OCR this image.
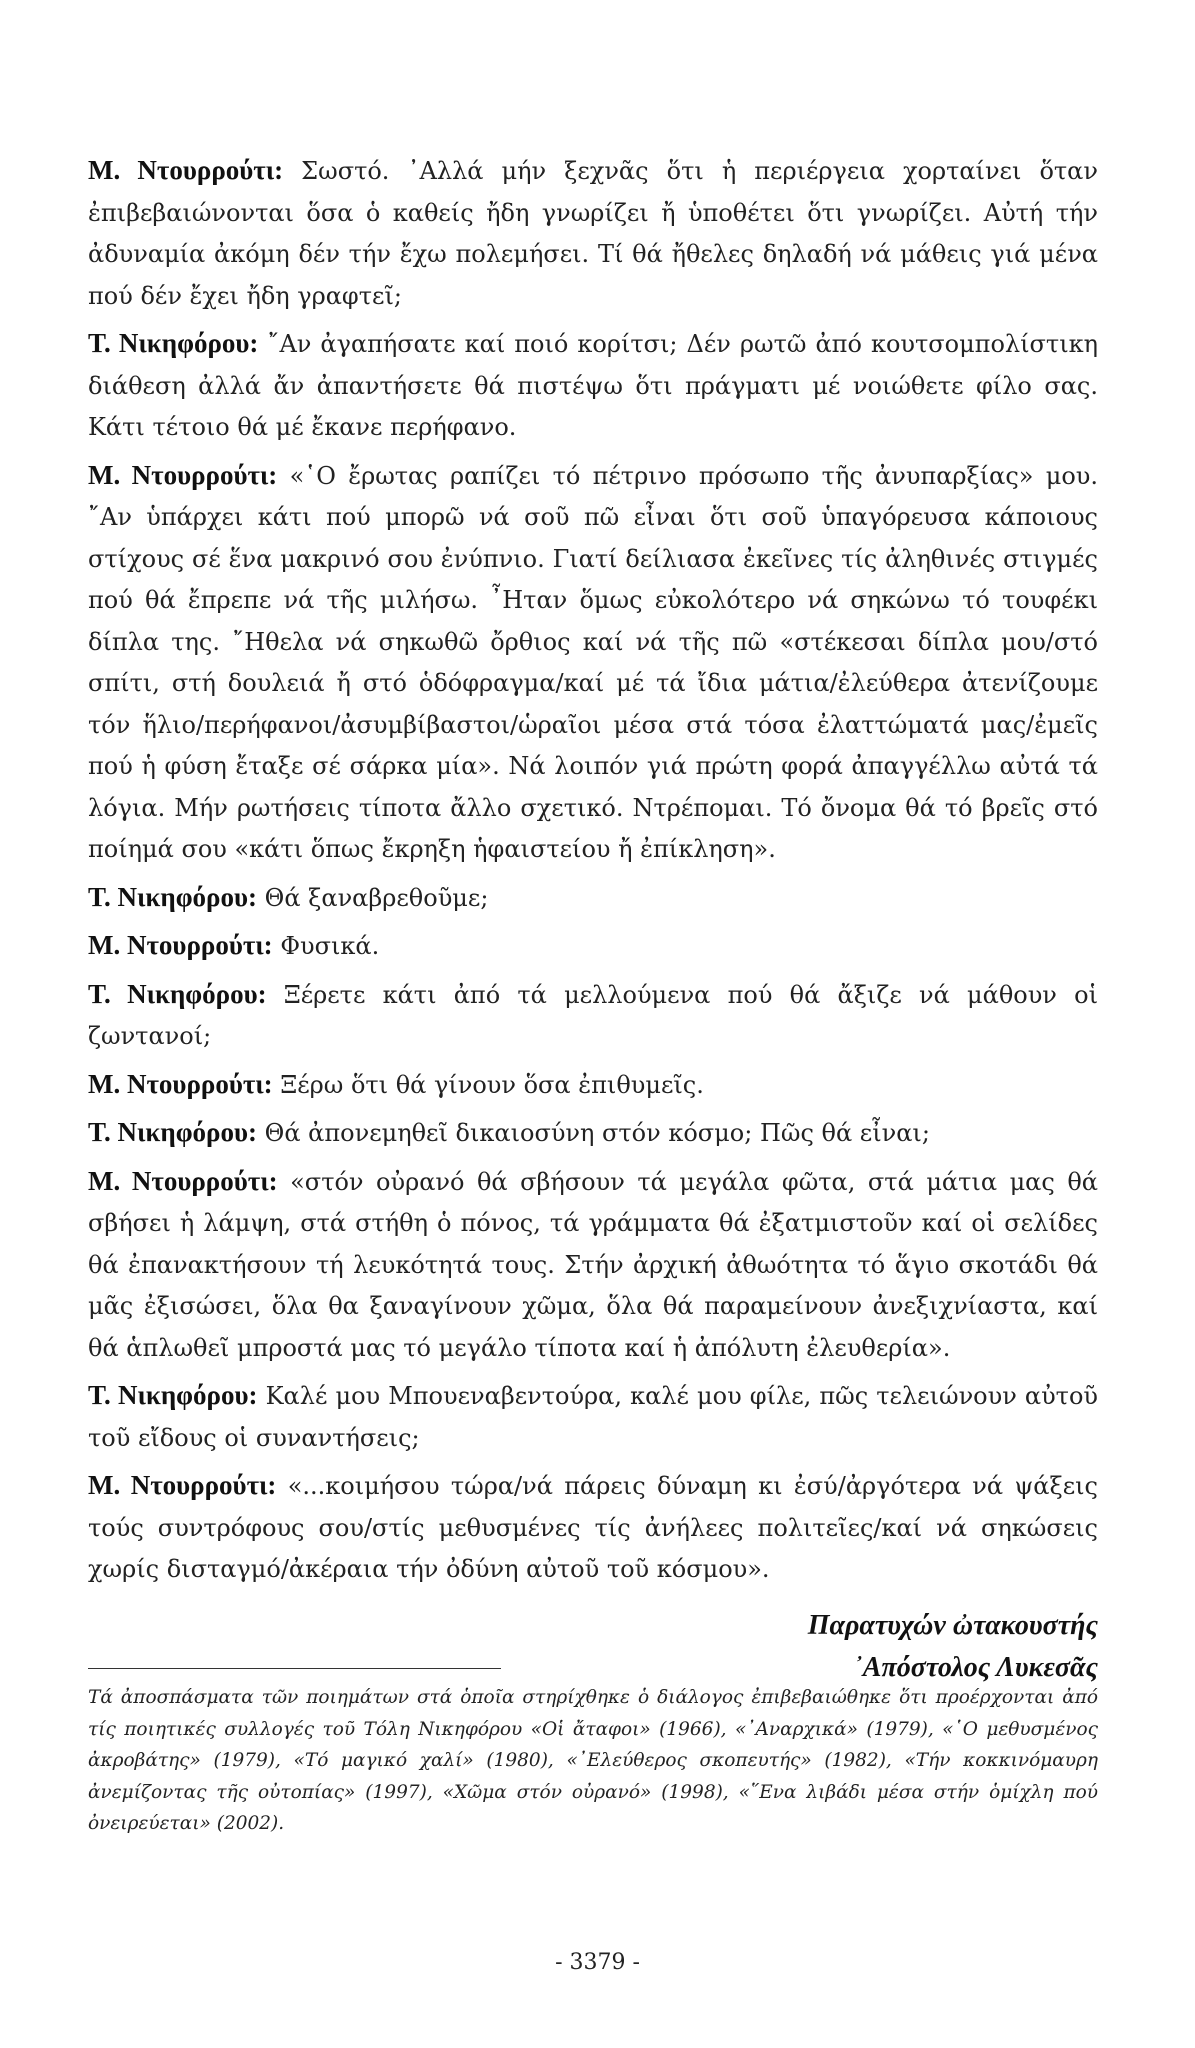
Μ. Ντουρρούτι: Σωστό. ᾿Αλλά μήν ξεχνᾶς ὅτι ἡ περιέργεια χορταίνει ὅταν ἐπιβεβαιώνονται ὅσα ὁ καθείς ἤδη γνωρίζει ἤ ὑποθέτει ὅτι γνωρίζει. Αὐτή τήν ἀδυναμία ἀκόμη δέν τήν ἔχω πολεμήσει. Τί θά ἤθελες δηλαδή νά μάθεις γιά μένα πού δέν ἔχει ἤδη γραφτεῖ;

Τ. Νικηφόρου: ῎Αν ἀγαπήσατε καί ποιό κορίτσι; Δέν ρωτῶ ἀπό κουτσομπολίστικη διάθεση ἀλλά ἄν ἀπαντήσετε θά πιστέψω ὅτι πράγματι μέ νοιώθετε φίλο σας. Κάτι τέτοιο θά μέ ἔκανε περήφανο.

Μ. Ντουρρούτι: «῾Ο ἔρωτας ραπίζει τό πέτρινο πρόσωπο τῆς ἀνυπαρξίας» μου. ῎Αν ὑπάρχει κάτι πού μπορῶ νά σοῦ πῶ εἶναι ὅτι σοῦ ὑπαγόρευσα κάποιους στίχους σέ ἕνα μακρινό σου ἐνύπνιο. Γιατί δείλιασα ἐκεῖνες τίς ἀληθινές στιγμές πού θά ἔπρεπε νά τῆς μιλήσω. ῏Ηταν ὅμως εὐκολότερο νά σηκώνω τό τουφέκι δίπλα της. ῎Ηθελα νά σηκωθῶ ὄρθιος καί νά τῆς πῶ «στέκεσαι δίπλα μου/στό σπίτι, στή δουλειά ἤ στό ὁδόφραγμα/καί μέ τά ἴδια μάτια/ἐλεύθερα ἀτενίζουμε τόν ἥλιο/περήφανοι/ἀσυμβίβαστοι/ὡραῖοι μέσα στά τόσα ἐλαττώματά μας/ἐμεῖς πού ἡ φύση ἔταξε σέ σάρκα μία». Νά λοιπόν γιά πρώτη φορά ἀπαγγέλλω αὐτά τά λόγια. Μήν ρωτήσεις τίποτα ἄλλο σχετικό. Ντρέπομαι. Τό ὄνομα θά τό βρεῖς στό ποίημά σου «κάτι ὅπως ἔκρηξη ἡφαιστείου ἤ ἐπίκληση».

Τ. Νικηφόρου: Θά ξαναβρεθοῦμε;

Μ. Ντουρρούτι: Φυσικά.

Τ. Νικηφόρου: Ξέρετε κάτι ἀπό τά μελλούμενα πού θά ἄξιζε νά μάθουν οἱ ζωντανοί;

Μ. Ντουρρούτι: Ξέρω ὅτι θά γίνουν ὅσα ἐπιθυμεῖς.

Τ. Νικηφόρου: Θά ἀπονεμηθεῖ δικαιοσύνη στόν κόσμο; Πῶς θά εἶναι;

Μ. Ντουρρούτι: «στόν οὐρανό θά σβήσουν τά μεγάλα φῶτα, στά μάτια μας θά σβήσει ἡ λάμψη, στά στήθη ὁ πόνος, τά γράμματα θά ἐξατμιστοῦν καί οἱ σελίδες θά ἐπανακτήσουν τή λευκότητά τους. Στήν ἀρχική ἀθωότητα τό ἅγιο σκοτάδι θά μᾶς ἐξισώσει, ὅλα θα ξαναγίνουν χῶμα, ὅλα θά παραμείνουν ἀνεξιχνίαστα, καί θά ἁπλωθεῖ μπροστά μας τό μεγάλο τίποτα καί ἡ ἀπόλυτη ἐλευθερία».

Τ. Νικηφόρου: Καλέ μου Μπουεναβεντούρα, καλέ μου φίλε, πῶς τελειώνουν αὐτοῦ τοῦ εἴδους οἱ συναντήσεις;

Μ. Ντουρρούτι: «...κοιμήσου τώρα/νά πάρεις δύναμη κι ἐσύ/ἀργότερα νά ψάξεις τούς συντρόφους σου/στίς μεθυσμένες τίς ἀνήλεες πολιτεῖες/καί νά σηκώσεις χωρίς δισταγμό/ἀκέραια τήν ὀδύνη αὐτοῦ τοῦ κόσμου».

Παρατυχών ὠτακουστής
᾿Απόστολος Λυκεσᾶς

Τά ἀποσπάσματα τῶν ποιημάτων στά ὁποῖα στηρίχθηκε ὁ διάλογος ἐπιβεβαιώθηκε ὅτι προέρχονται ἀπό τίς ποιητικές συλλογές τοῦ Τόλη Νικηφόρου «Οἱ ἄταφοι» (1966), «᾿Αναρχικά» (1979), «῾Ο μεθυσμένος ἀκροβάτης» (1979), «Τό μαγικό χαλί» (1980), «᾿Ελεύθερος σκοπευτής» (1982), «Τήν κοκκινόμαυρη ἀνεμίζοντας τῆς οὐτοπίας» (1997), «Χῶμα στόν οὐρανό» (1998), «῞Ενα λιβάδι μέσα στήν ὁμίχλη πού ὀνειρεύεται» (2002).

- 3379 -
